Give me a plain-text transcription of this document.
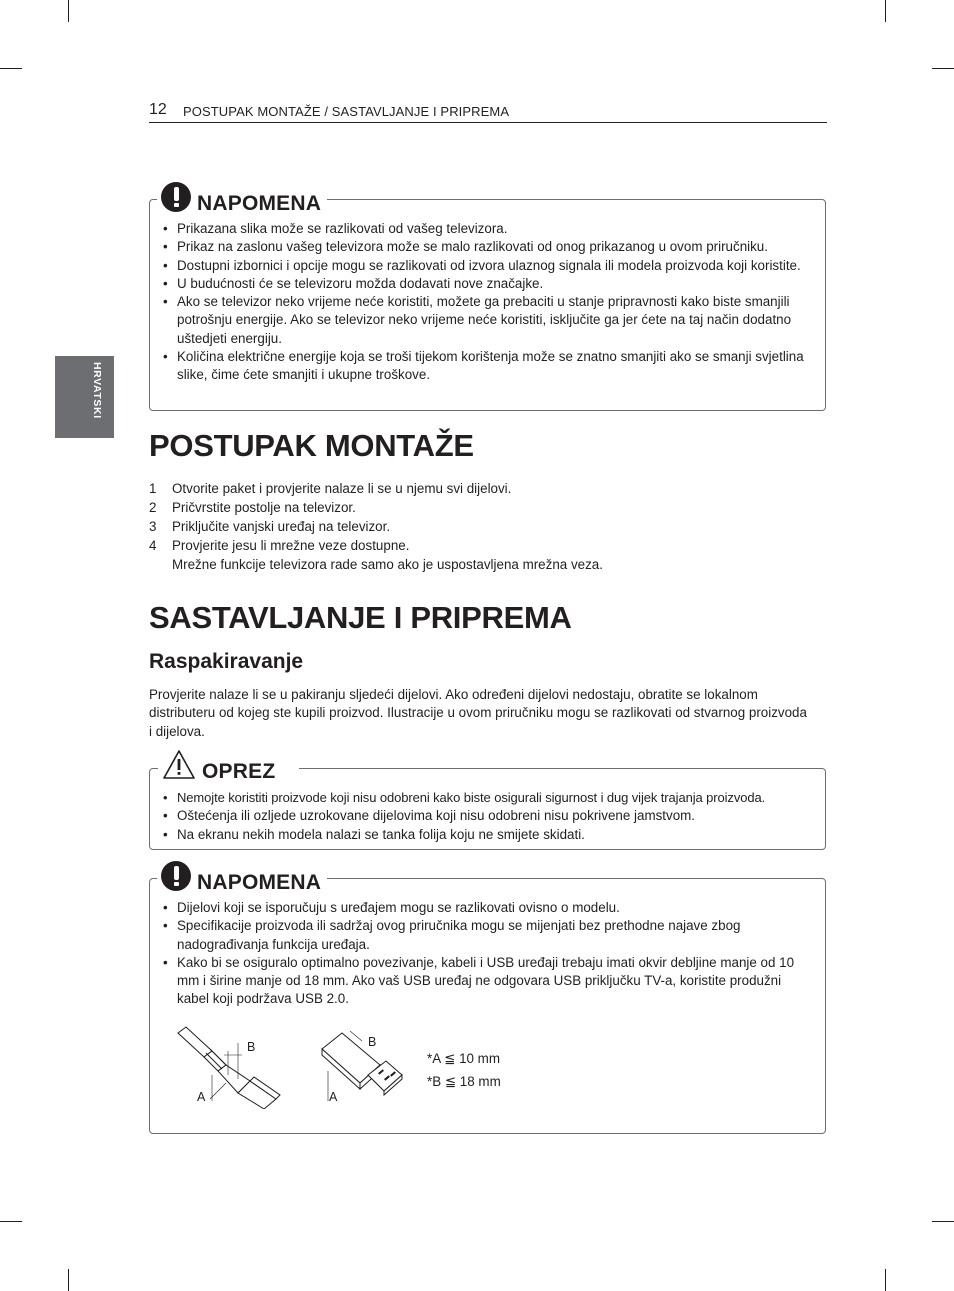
12 POSTUPAK MONTAŽE / SASTAVLJANJE I PRIPREMA
HRVATSKI
NAPOMENA
• Prikazana slika može se razlikovati od vašeg televizora.
• Prikaz na zaslonu vašeg televizora može se malo razlikovati od onog prikazanog u ovom priručniku.
• Dostupni izbornici i opcije mogu se razlikovati od izvora ulaznog signala ili modela proizvoda koji koristite.
• U budućnosti će se televizoru možda dodavati nove značajke.
• Ako se televizor neko vrijeme neće koristiti, možete ga prebaciti u stanje pripravnosti kako biste smanjili potrošnju energije. Ako se televizor neko vrijeme neće koristiti, isključite ga jer ćete na taj način dodatno uštedjeti energiju.
• Količina električne energije koja se troši tijekom korištenja može se znatno smanjiti ako se smanji svjetlina slike, čime ćete smanjiti i ukupne troškove.
POSTUPAK MONTAŽE
1 Otvorite paket i provjerite nalaze li se u njemu svi dijelovi.
2 Pričvrstite postolje na televizor.
3 Priključite vanjski uređaj na televizor.
4 Provjerite jesu li mrežne veze dostupne.
Mrežne funkcije televizora rade samo ako je uspostavljena mrežna veza.
SASTAVLJANJE I PRIPREMA
Raspakiravanje

Provjerite nalaze li se u pakiranju sljedeći dijelovi. Ako određeni dijelovi nedostaju, obratite se lokalnom distributeru od kojeg ste kupili proizvod. Ilustracije u ovom priručniku mogu se razlikovati od stvarnog proizvoda i dijelova.

OPREZ
• Nemojte koristiti proizvode koji nisu odobreni kako biste osigurali sigurnost i dug vijek trajanja proizvoda.
• Oštećenja ili ozljede uzrokovane dijelovima koji nisu odobreni nisu pokrivene jamstvom.
• Na ekranu nekih modela nalazi se tanka folija koju ne smijete skidati.
NAPOMENA
• Dijelovi koji se isporučuju s uređajem mogu se razlikovati ovisno o modelu.
• Specifikacije proizvoda ili sadržaj ovog priručnika mogu se mijenjati bez prethodne najave zbog nadograđivanja funkcija uređaja.
• Kako bi se osiguralo optimalno povezivanje, kabeli i USB uređaji trebaju imati okvir debljine manje od 10 mm i širine manje od 18 mm. Ako vaš USB uređaj ne odgovara USB priključku TV-a, koristite produžni kabel koji podržava USB 2.0.
B
A
B
A
*A ≦ 10 mm
*B ≦ 18 mm
